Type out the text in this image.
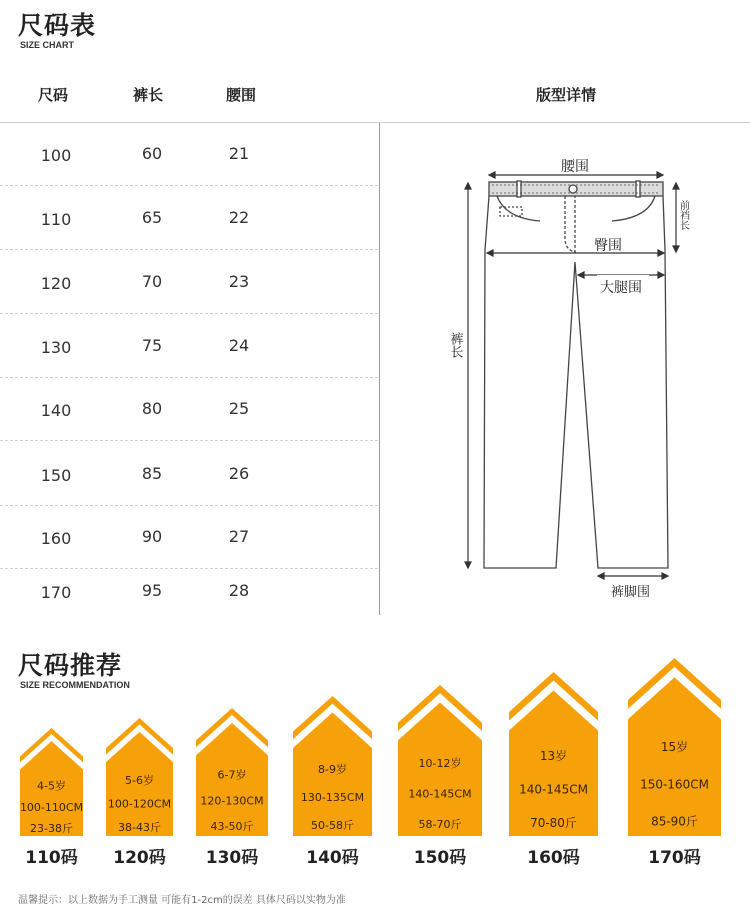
尺码表
SIZE CHART
尺码	裤长	腰围	版型详情
100	60	21
110	65	22
120	70	23
130	75	24
140	80	25
150	85	26
160	90	27
170	95	28
腰围
臀围
大腿围
裤脚围
裤长
前裆长
尺码推荐
SIZE RECOMMENDATION
4-5岁
100-110CM
23-38斤
110码
5-6岁
100-120CM
38-43斤
120码
6-7岁
120-130CM
43-50斤
130码
8-9岁
130-135CM
50-58斤
140码
10-12岁
140-145CM
58-70斤
150码
13岁
140-145CM
70-80斤
160码
15岁
150-160CM
85-90斤
170码
温馨提示：以上数据为手工测量 可能有1-2cm的误差 具体尺码以实物为准
